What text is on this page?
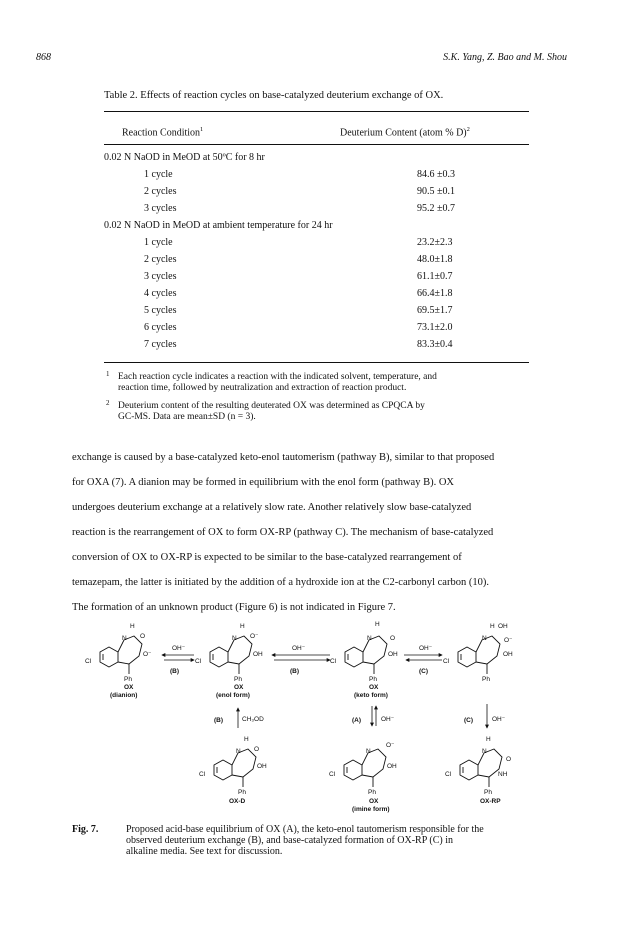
868	S.K. Yang, Z. Bao and M. Shou
Table 2. Effects of reaction cycles on base-catalyzed deuterium exchange of OX.
Reaction Condition$^1$	Deuterium Content (atom % D)$^2$
0.02 N NaOD in MeOD at 50ºC for 8 hr
1 cycle	84.6 ±0.3
2 cycles	90.5 ±0.1
3 cycles	95.2 ±0.7
0.02 N NaOD in MeOD at ambient temperature for 24 hr
1 cycle	23.2±2.3
2 cycles	48.0±1.8
3 cycles	61.1±0.7
4 cycles	66.4±1.8
5 cycles	69.5±1.7
6 cycles	73.1±2.0
7 cycles	83.3±0.4
1 Each reaction cycle indicates a reaction with the indicated solvent, temperature, and
reaction time, followed by neutralization and extraction of reaction product.
2 Deuterium content of the resulting deuterated OX was determined as CPQCA by
GC-MS. Data are mean±SD (n = 3).
exchange is caused by a base-catalyzed keto-enol tautomerism (pathway B), similar to that proposed
for OXA (7). A dianion may be formed in equilibrium with the enol form (pathway B). OX
undergoes deuterium exchange at a relatively slow rate. Another relatively slow base-catalyzed
reaction is the rearrangement of OX to form OX-RP (pathway C). The mechanism of base-catalyzed
conversion of OX to OX-RP is expected to be similar to the base-catalyzed rearrangement of
temazepam, the latter is initiated by the addition of a hydroxide ion at the C2-carbonyl carbon (10).
The formation of an unknown product (Figure 6) is not indicated in Figure 7.
H
N O
O⁻
Cl
Ph
OX
(dianion)
OH⁻
(B)
H
N O⁻
OH
Cl
Ph
OX
(enol form)
OH⁻
(B)
H
N	O
OH
Cl
Ph
OX
(keto form)
OH⁻
(C)
H OH
N	O⁻
OH
Cl
Ph
(B)	CH₃OD	(A)	OH⁻	(C)	OH⁻
H
N O
OH
Cl
Ph
OX-D
N
O⁻
OH
Cl
Ph
OX
(imine form)
H
N
O
NH
Cl
Ph
OX-RP
Fig. 7.	Proposed acid-base equilibrium of OX (A), the keto-enol tautomerism responsible for the
observed deuterium exchange (B), and base-catalyzed formation of OX-RP (C) in
alkaline media. See text for discussion.
